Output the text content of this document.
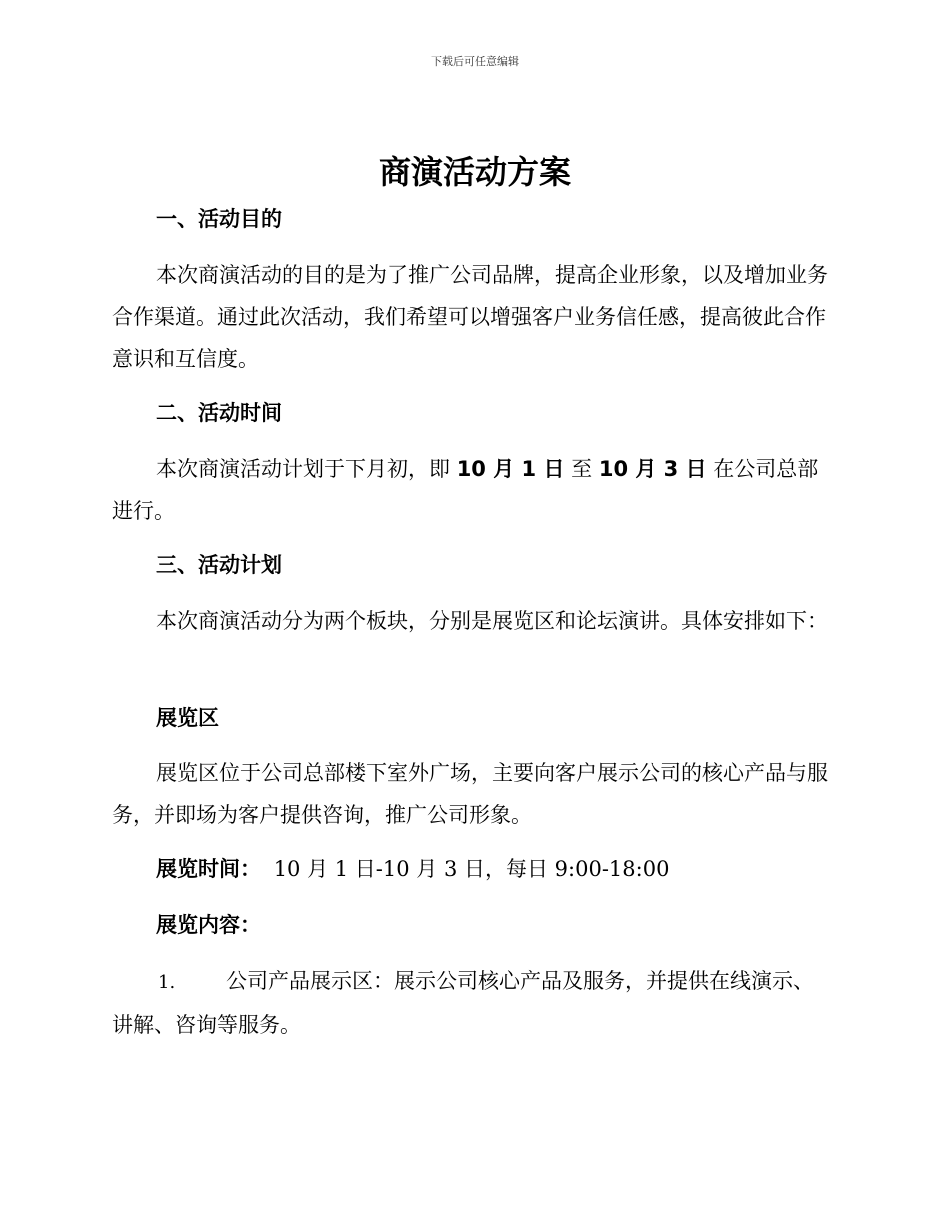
下载后可任意编辑
商演活动方案
一、活动目的

本次商演活动的目的是为了推广公司品牌，提高企业形象，以及增加业务合作渠道。通过此次活动，我们希望可以增强客户业务信任感，提高彼此合作意识和互信度。

二、活动时间

本次商演活动计划于下月初，即 10 月 1 日 至 10 月 3 日 在公司总部进行。

三、活动计划

本次商演活动分为两个板块，分别是展览区和论坛演讲。具体安排如下：

展览区

展览区位于公司总部楼下室外广场，主要向客户展示公司的核心产品与服务，并即场为客户提供咨询，推广公司形象。

展览时间： 10 月 1 日-10 月 3 日，每日 9:00-18:00
展览内容：
1. 公司产品展示区：展示公司核心产品及服务，并提供在线演示、讲解、咨询等服务。
